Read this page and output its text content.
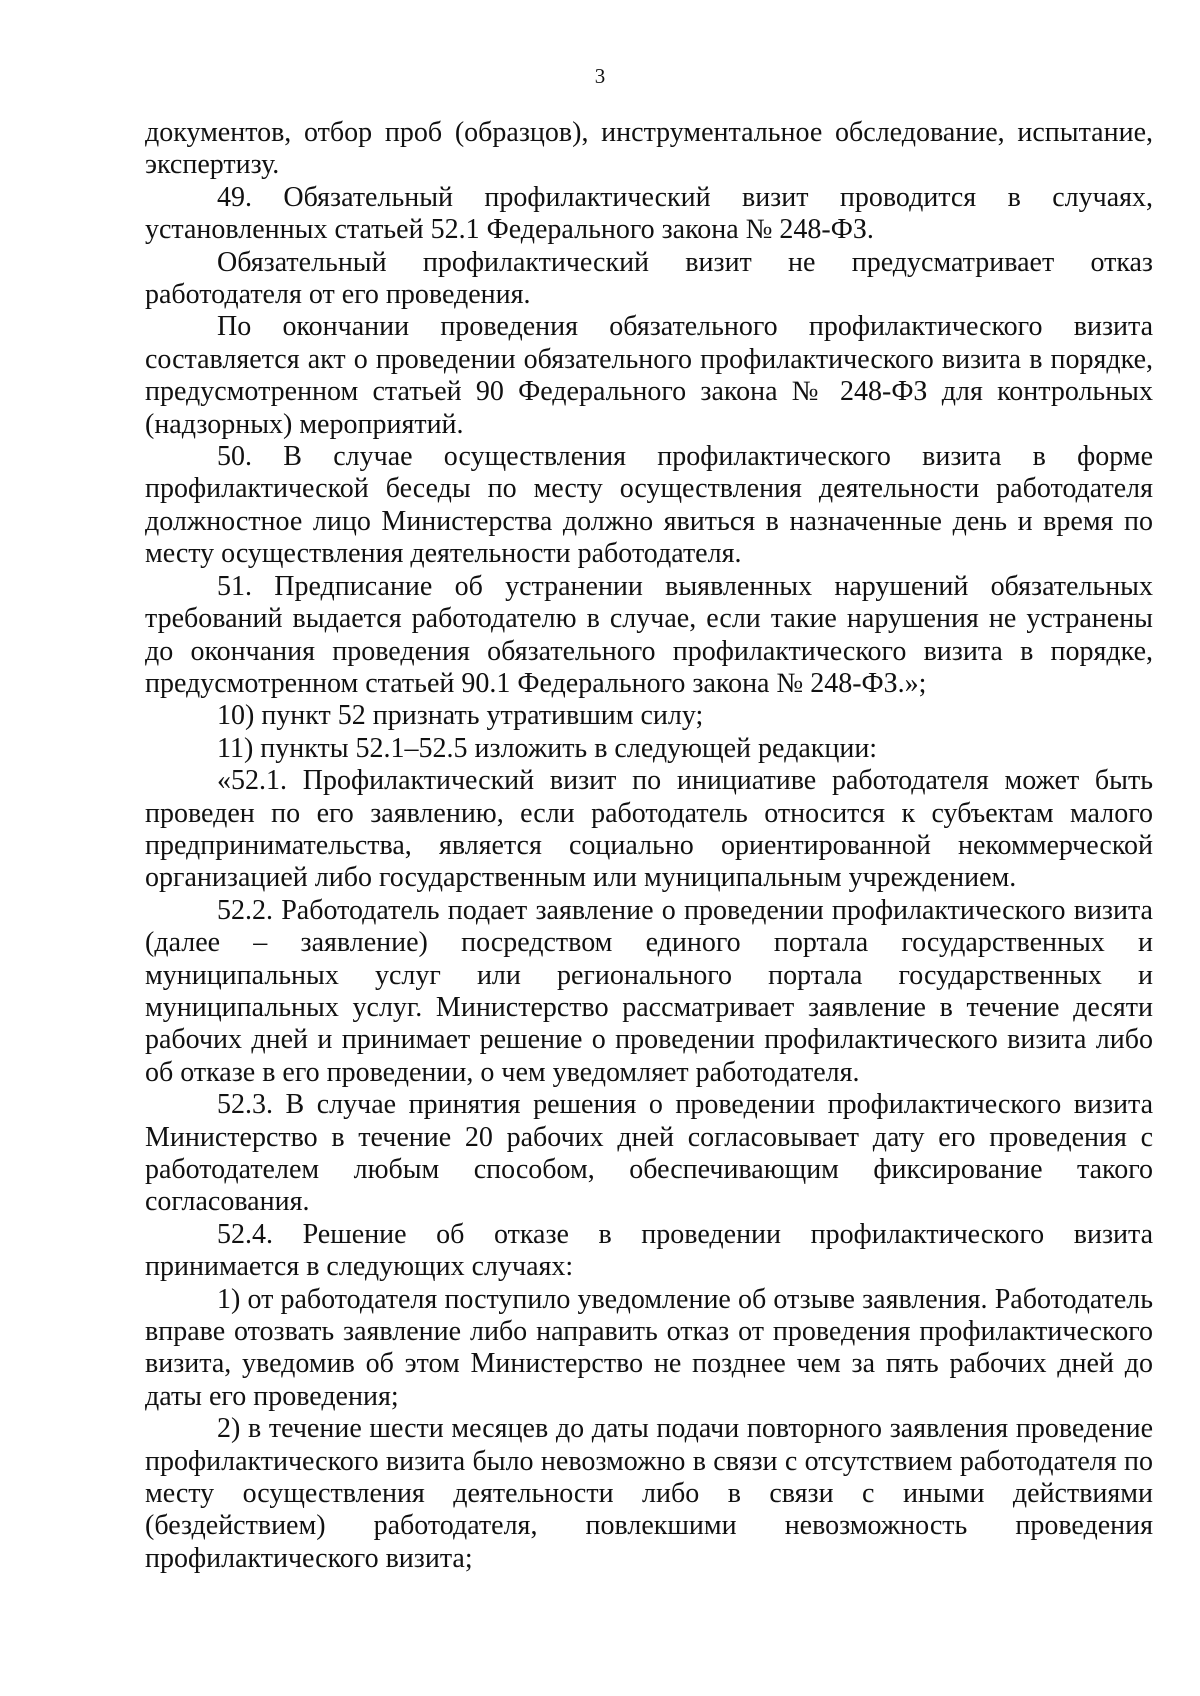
3

документов, отбор проб (образцов), инструментальное обследование, испытание, экспертизу.

49. Обязательный профилактический визит проводится в случаях, установленных статьей 52.1 Федерального закона № 248-ФЗ.

Обязательный профилактический визит не предусматривает отказ работодателя от его проведения.

По окончании проведения обязательного профилактического визита составляется акт о проведении обязательного профилактического визита в порядке, предусмотренном статьей 90 Федерального закона № 248-ФЗ для контрольных (надзорных) мероприятий.

50. В случае осуществления профилактического визита в форме профилактической беседы по месту осуществления деятельности работодателя должностное лицо Министерства должно явиться в назначенные день и время по месту осуществления деятельности работодателя.

51. Предписание об устранении выявленных нарушений обязательных требований выдается работодателю в случае, если такие нарушения не устранены до окончания проведения обязательного профилактического визита в порядке, предусмотренном статьей 90.1 Федерального закона № 248-ФЗ.»;

10) пункт 52 признать утратившим силу;

11) пункты 52.1–52.5 изложить в следующей редакции:

«52.1. Профилактический визит по инициативе работодателя может быть проведен по его заявлению, если работодатель относится к субъектам малого предпринимательства, является социально ориентированной некоммерческой организацией либо государственным или муниципальным учреждением.

52.2. Работодатель подает заявление о проведении профилактического визита (далее – заявление) посредством единого портала государственных и муниципальных услуг или регионального портала государственных и муниципальных услуг. Министерство рассматривает заявление в течение десяти рабочих дней и принимает решение о проведении профилактического визита либо об отказе в его проведении, о чем уведомляет работодателя.

52.3. В случае принятия решения о проведении профилактического визита Министерство в течение 20 рабочих дней согласовывает дату его проведения с работодателем любым способом, обеспечивающим фиксирование такого согласования.

52.4. Решение об отказе в проведении профилактического визита принимается в следующих случаях:

1) от работодателя поступило уведомление об отзыве заявления. Работодатель вправе отозвать заявление либо направить отказ от проведения профилактического визита, уведомив об этом Министерство не позднее чем за пять рабочих дней до даты его проведения;

2) в течение шести месяцев до даты подачи повторного заявления проведение профилактического визита было невозможно в связи с отсутствием работодателя по месту осуществления деятельности либо в связи с иными действиями (бездействием) работодателя, повлекшими невозможность проведения профилактического визита;
